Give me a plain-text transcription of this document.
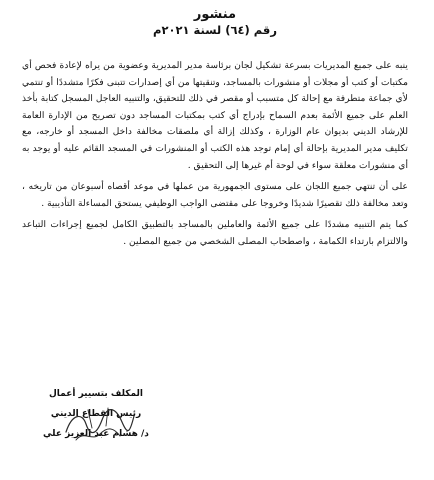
منشور
رقم (٦٤) لسنة ٢٠٢١م

ينبه على جميع المديريات بسرعة تشكيل لجان برئاسة مدير المديرية وعضوية من يراه لإعادة فحص أي مكتبات أو كتب أو مجلات أو منشورات بالمساجد، وتنقيتها من أي إصدارات تتبنى فكرًا متشددًا أو تنتمي لأي جماعة متطرفة مع إحالة كل متسبب أو مقصر في ذلك للتحقيق، والتنبيه العاجل المسجل كتابة بأخذ العلم على جميع الأئمة بعدم السماح بإدراج أي كتب بمكتبات المساجد دون تصريح من الإدارة العامة للإرشاد الديني بديوان عام الوزارة ، وكذلك إزالة أي ملصقات مخالفة داخل المسجد أو خارجه، مع تكليف مدير المديرية بإحالة أي إمام توجد هذه الكتب أو المنشورات في المسجد القائم عليه أو يوجد به أي منشورات معلقة سواء في لوحة أم غيرها إلى التحقيق .

على أن تنتهي جميع اللجان على مستوى الجمهورية من عملها في موعد أقصاه أسبوعان من تاريخه ، وتعد مخالفة ذلك تقصيرًا شديدًا وخروجا على مقتضى الواجب الوظيفي يستحق المساءلة التأديبية .

كما يتم التنبيه مشددًا على جميع الأئمة والعاملين بالمساجد بالتطبيق الكامل لجميع إجراءات التباعد والالتزام بارتداء الكمامة ، واصطحاب المصلى الشخصي من جميع المصلين .

المكلف بتسيير أعمال
رئيس القطاع الديني
د/ هشام عبد العزيز علي
